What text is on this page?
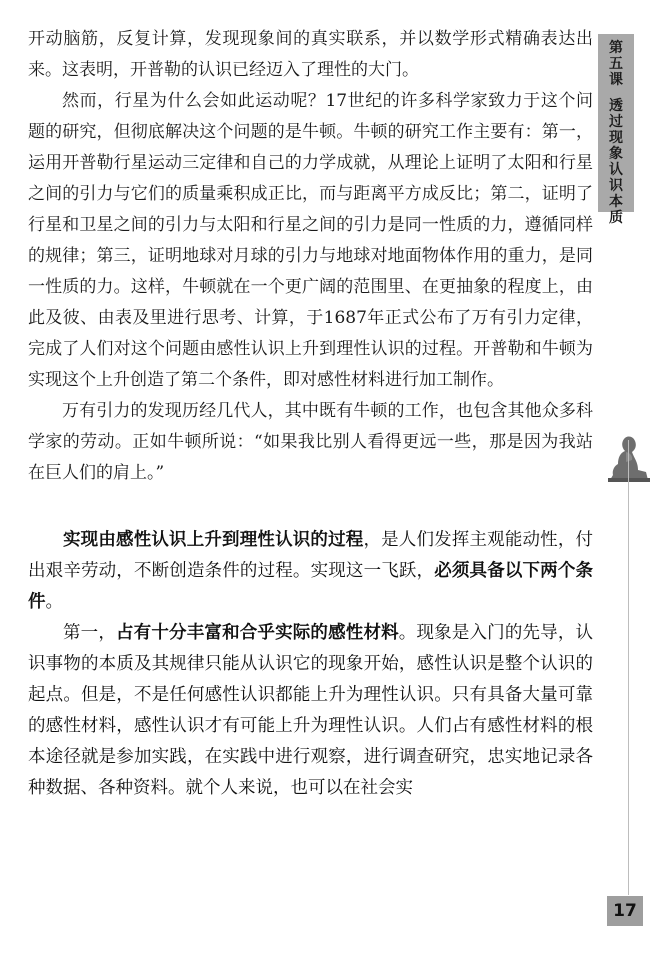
开动脑筋，反复计算，发现现象间的真实联系，并以数学形式精确表达出来。这表明，开普勒的认识已经迈入了理性的大门。

然而，行星为什么会如此运动呢？17世纪的许多科学家致力于这个问题的研究，但彻底解决这个问题的是牛顿。牛顿的研究工作主要有：第一，运用开普勒行星运动三定律和自己的力学成就，从理论上证明了太阳和行星之间的引力与它们的质量乘积成正比，而与距离平方成反比；第二，证明了行星和卫星之间的引力与太阳和行星之间的引力是同一性质的力，遵循同样的规律；第三，证明地球对月球的引力与地球对地面物体作用的重力，是同一性质的力。这样，牛顿就在一个更广阔的范围里、在更抽象的程度上，由此及彼、由表及里进行思考、计算，于1687年正式公布了万有引力定律，完成了人们对这个问题由感性认识上升到理性认识的过程。开普勒和牛顿为实现这个上升创造了第二个条件，即对感性材料进行加工制作。

万有引力的发现历经几代人，其中既有牛顿的工作，也包含其他众多科学家的劳动。正如牛顿所说：“如果我比别人看得更远一些，那是因为我站在巨人们的肩上。”

实现由感性认识上升到理性认识的过程，是人们发挥主观能动性，付出艰辛劳动，不断创造条件的过程。实现这一飞跃，必须具备以下两个条件。

第一，占有十分丰富和合乎实际的感性材料。现象是入门的先导，认识事物的本质及其规律只能从认识它的现象开始，感性认识是整个认识的起点。但是，不是任何感性认识都能上升为理性认识。只有具备大量可靠的感性材料，感性认识才有可能上升为理性认识。人们占有感性材料的根本途径就是参加实践，在实践中进行观察，进行调查研究，忠实地记录各种数据、各种资料。就个人来说，也可以在社会实

第五课
透过现象认识本质
17
